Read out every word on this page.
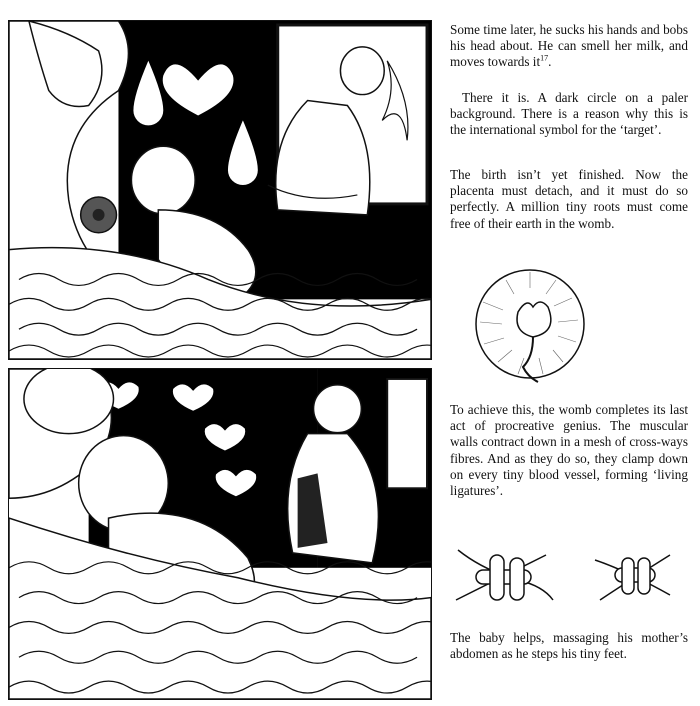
Some time later, he sucks his hands and bobs his head about. He can smell her milk, and moves towards $it^{17}$.

There it is. A dark circle on a paler background. There is a reason why this is the international symbol for the ‘target’.

The birth isn’t yet finished. Now the placenta must detach, and it must do so perfectly. A million tiny roots must come free of their earth in the womb.

To achieve this, the womb completes its last act of procreative genius. The muscular walls contract down in a mesh of cross-ways fibres. And as they do so, they clamp down on every tiny blood vessel, forming ‘living ligatures’.

The baby helps, massaging his mother’s abdomen as he steps his tiny feet.
